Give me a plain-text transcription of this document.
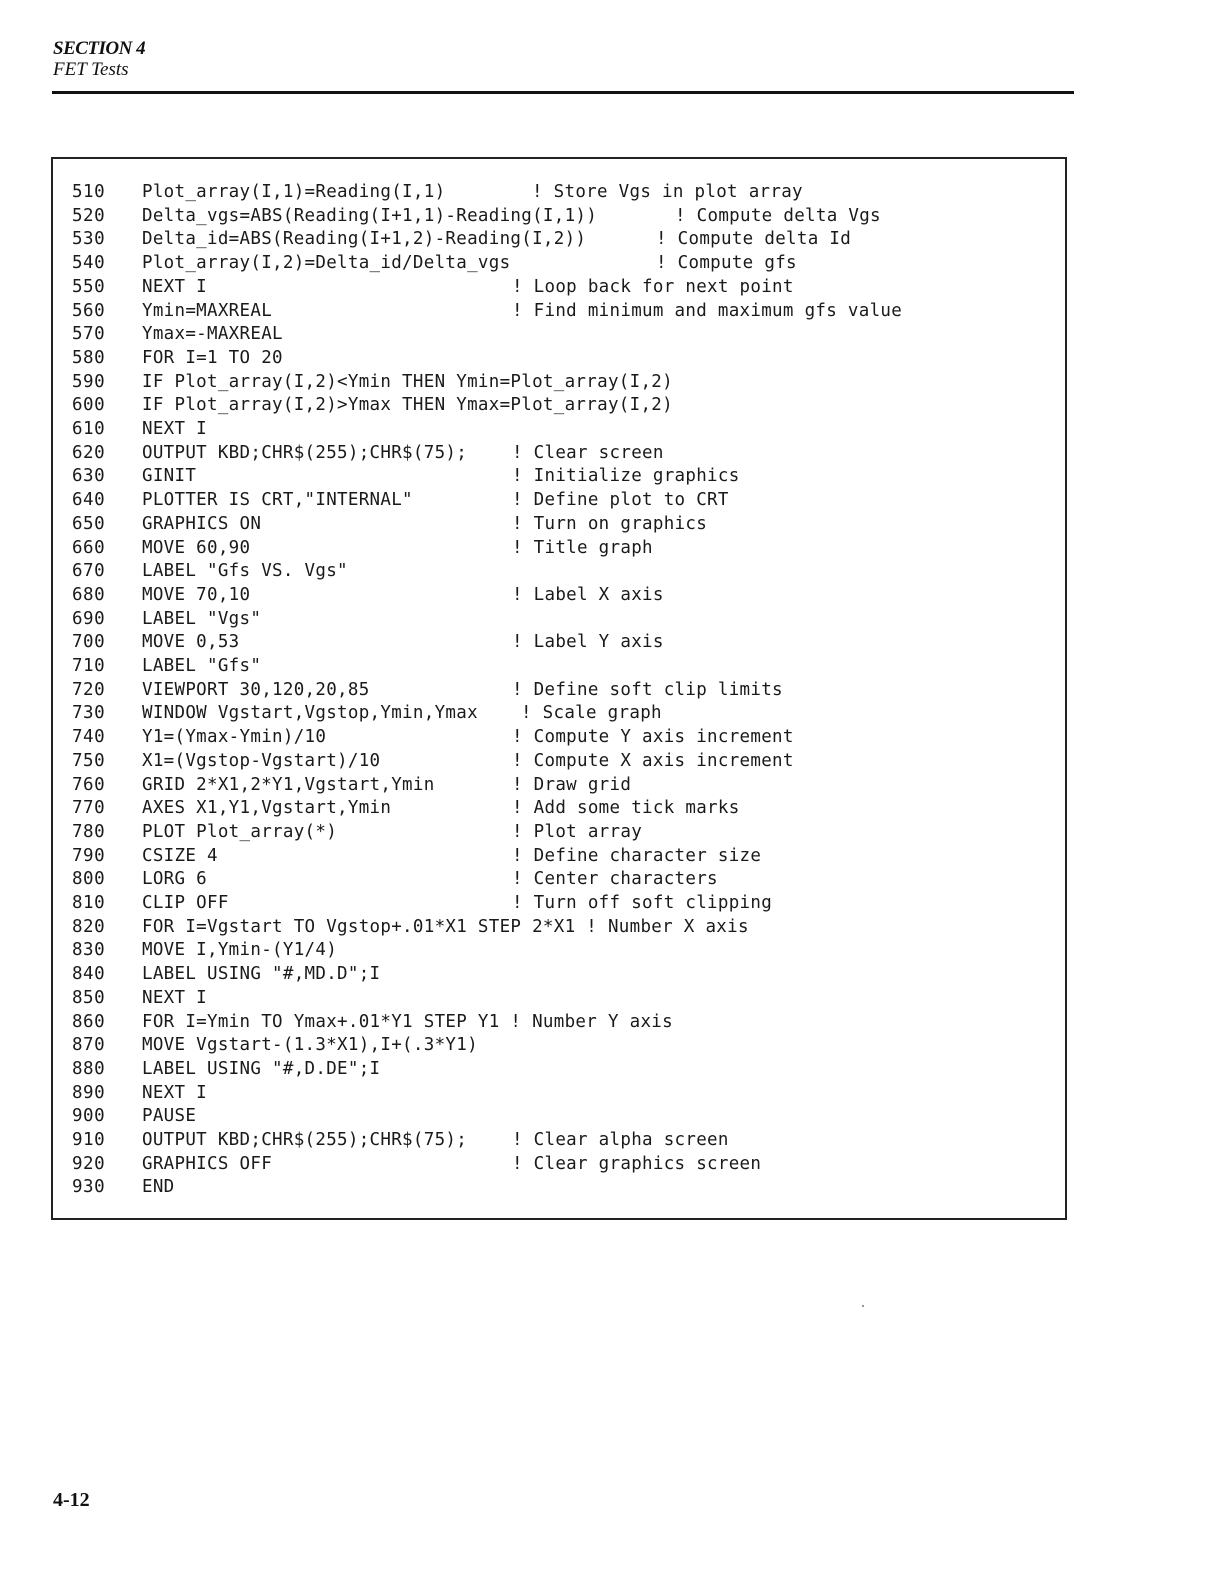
SECTION 4
FET Tests
510	Plot_array(I,1)=Reading(I,1)	! Store Vgs in plot array
520	Delta_vgs=ABS(Reading(I+1,1)-Reading(I,1))	! Compute delta Vgs
530	Delta_id=ABS(Reading(I+1,2)-Reading(I,2))	! Compute delta Id
540	Plot_array(I,2)=Delta_id/Delta_vgs	! Compute gfs
550	NEXT I	! Loop back for next point
560	Ymin=MAXREAL	! Find minimum and maximum gfs value
570	Ymax=-MAXREAL
580	FOR I=1 TO 20
590	IF Plot_array(I,2)<Ymin THEN Ymin=Plot_array(I,2)
600	IF Plot_array(I,2)>Ymax THEN Ymax=Plot_array(I,2)
610	NEXT I
620	OUTPUT KBD;CHR$(255);CHR$(75);	! Clear screen
630	GINIT	! Initialize graphics
640	PLOTTER IS CRT,"INTERNAL"	! Define plot to CRT
650	GRAPHICS ON	! Turn on graphics
660	MOVE 60,90	! Title graph
670	LABEL "Gfs VS. Vgs"
680	MOVE 70,10	! Label X axis
690	LABEL "Vgs"
700	MOVE 0,53	! Label Y axis
710	LABEL "Gfs"
720	VIEWPORT 30,120,20,85	! Define soft clip limits
730	WINDOW Vgstart,Vgstop,Ymin,Ymax ! Scale graph
740	Y1=(Ymax-Ymin)/10	! Compute Y axis increment
750	X1=(Vgstop-Vgstart)/10	! Compute X axis increment
760	GRID 2*X1,2*Y1,Vgstart,Ymin	! Draw grid
770	AXES X1,Y1,Vgstart,Ymin	! Add some tick marks
780	PLOT Plot_array(*)	! Plot array
790	CSIZE 4	! Define character size
800	LORG 6	! Center characters
810	CLIP OFF	! Turn off soft clipping
820	FOR I=Vgstart TO Vgstop+.01*X1 STEP 2*X1 ! Number X axis
830	MOVE I,Ymin-(Y1/4)
840	LABEL USING "#,MD.D";I
850	NEXT I
860	FOR I=Ymin TO Ymax+.01*Y1 STEP Y1 ! Number Y axis
870	MOVE Vgstart-(1.3*X1),I+(.3*Y1)
880	LABEL USING "#,D.DE";I
890	NEXT I
900	PAUSE
910	OUTPUT KBD;CHR$(255);CHR$(75);	! Clear alpha screen
920	GRAPHICS OFF	! Clear graphics screen
930	END
4-12
